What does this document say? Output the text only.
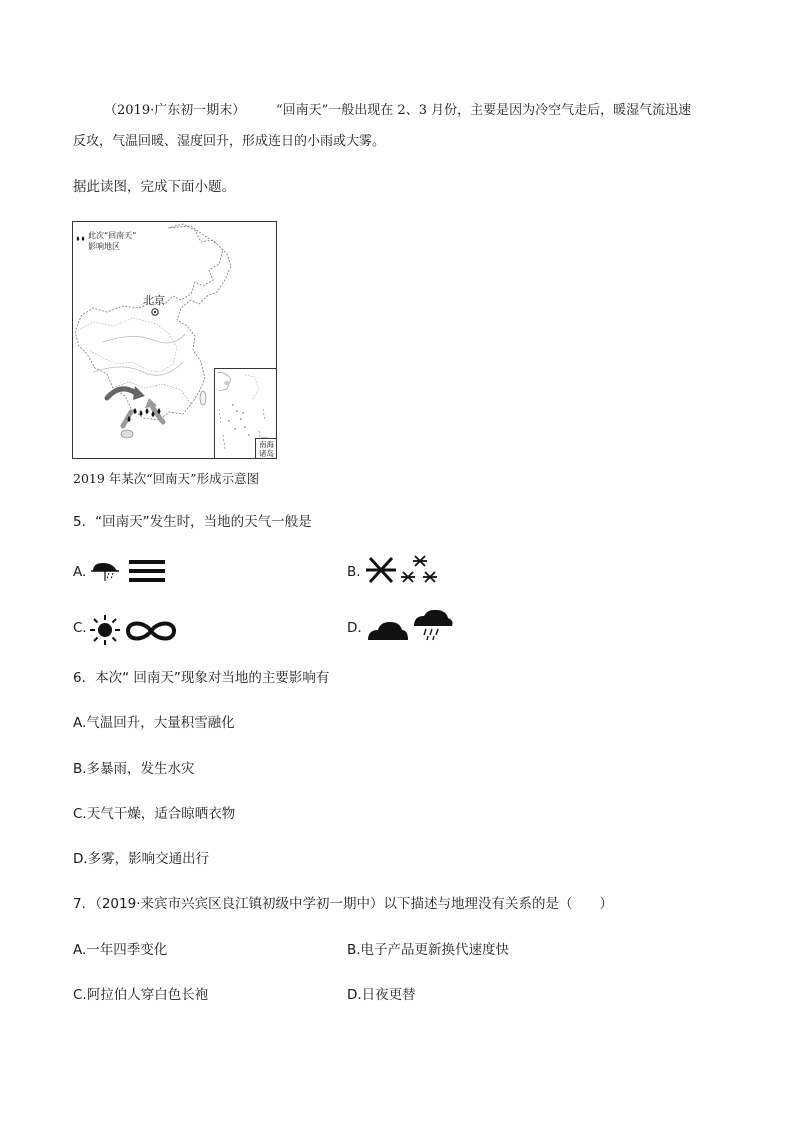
（2019·广东初一期末） “回南天”一般出现在 2、3 月份，主要是因为冷空气走后，暖湿气流迅速
反攻，气温回暖、湿度回升，形成连日的小雨或大雾。
据此读图，完成下面小题。
此次“回南天”
影响地区
北京
南海
诸岛
2019 年某次“回南天”形成示意图
5．“回南天”发生时，当地的天气一般是
A.	B.
C.	D.
6．本次“ 回南天”现象对当地的主要影响有
A.气温回升，大量积雪融化
B.多暴雨，发生水灾
C.天气干燥，适合晾晒衣物
D.多雾，影响交通出行
7．（2019·来宾市兴宾区良江镇初级中学初一期中）以下描述与地理没有关系的是（　　）
A.一年四季变化	B.电子产品更新换代速度快
C.阿拉伯人穿白色长袍	D.日夜更替
